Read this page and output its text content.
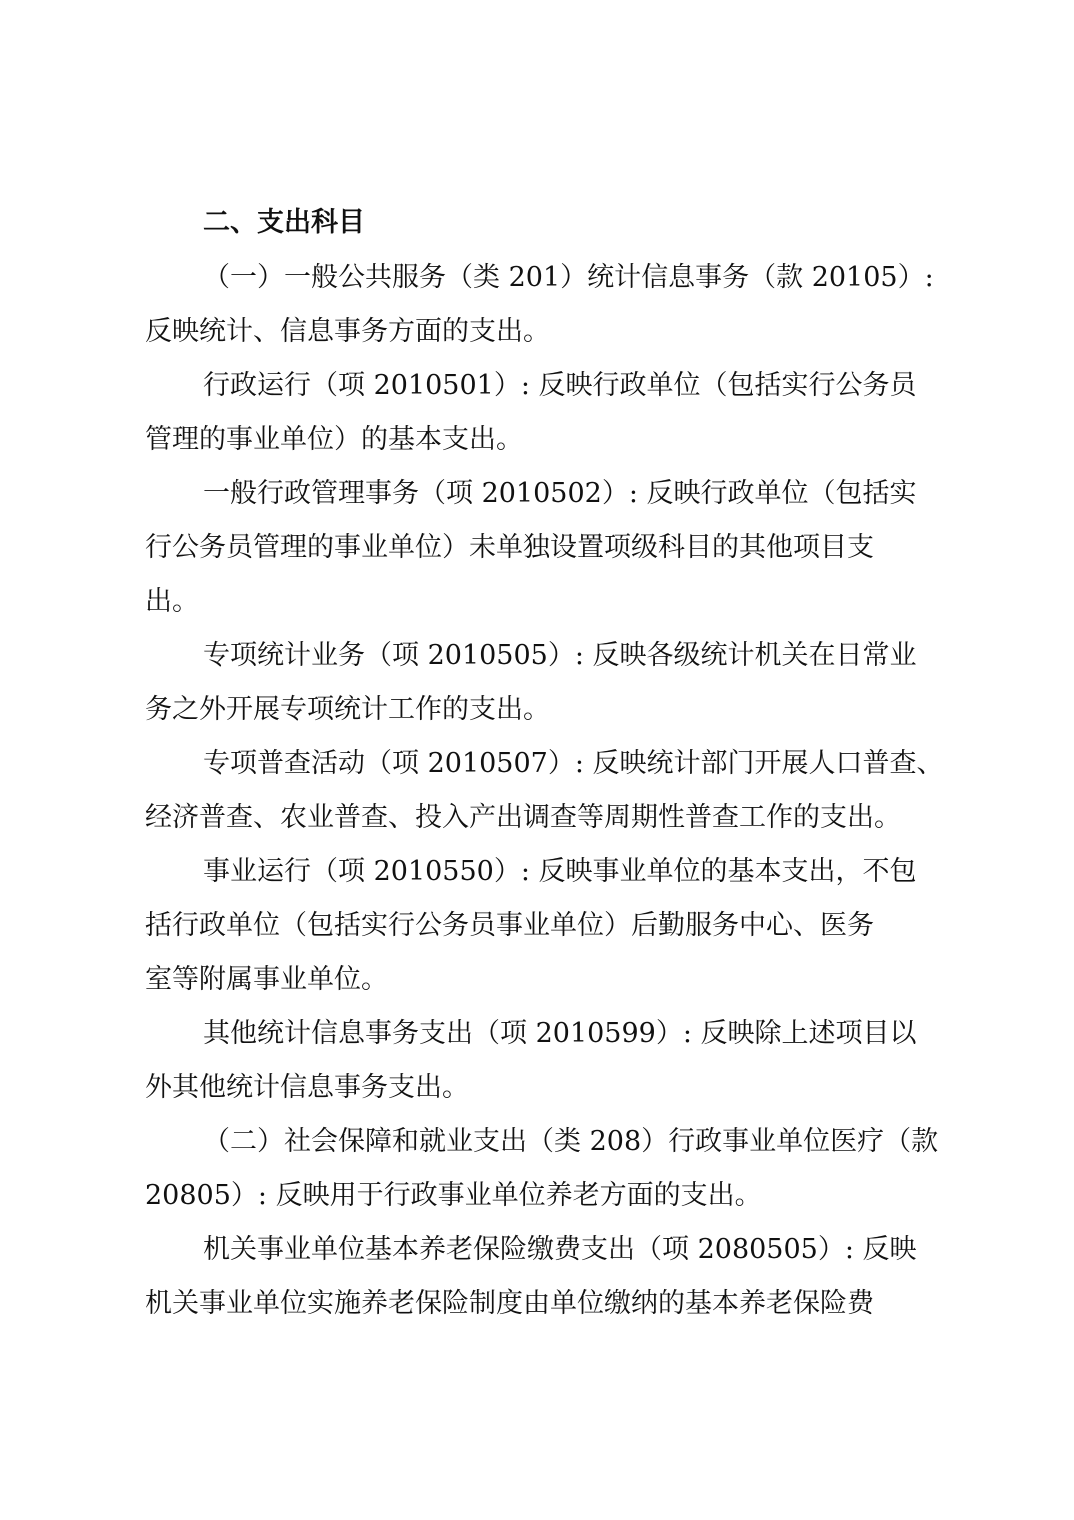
二、支出科目
（一）一般公共服务（类 201）统计信息事务（款 20105）:
反映统计、信息事务方面的支出。
行政运行（项 2010501）: 反映行政单位（包括实行公务员
管理的事业单位）的基本支出。
一般行政管理事务（项 2010502）: 反映行政单位（包括实
行公务员管理的事业单位）未单独设置项级科目的其他项目支
出。
专项统计业务（项 2010505）: 反映各级统计机关在日常业
务之外开展专项统计工作的支出。
专项普查活动（项 2010507）: 反映统计部门开展人口普查、
经济普查、农业普查、投入产出调查等周期性普查工作的支出。
事业运行（项 2010550）: 反映事业单位的基本支出，不包
括行政单位（包括实行公务员事业单位）后勤服务中心、医务
室等附属事业单位。
其他统计信息事务支出（项 2010599）: 反映除上述项目以
外其他统计信息事务支出。
（二）社会保障和就业支出（类 208）行政事业单位医疗（款
20805）: 反映用于行政事业单位养老方面的支出。
机关事业单位基本养老保险缴费支出（项 2080505）: 反映
机关事业单位实施养老保险制度由单位缴纳的基本养老保险费
